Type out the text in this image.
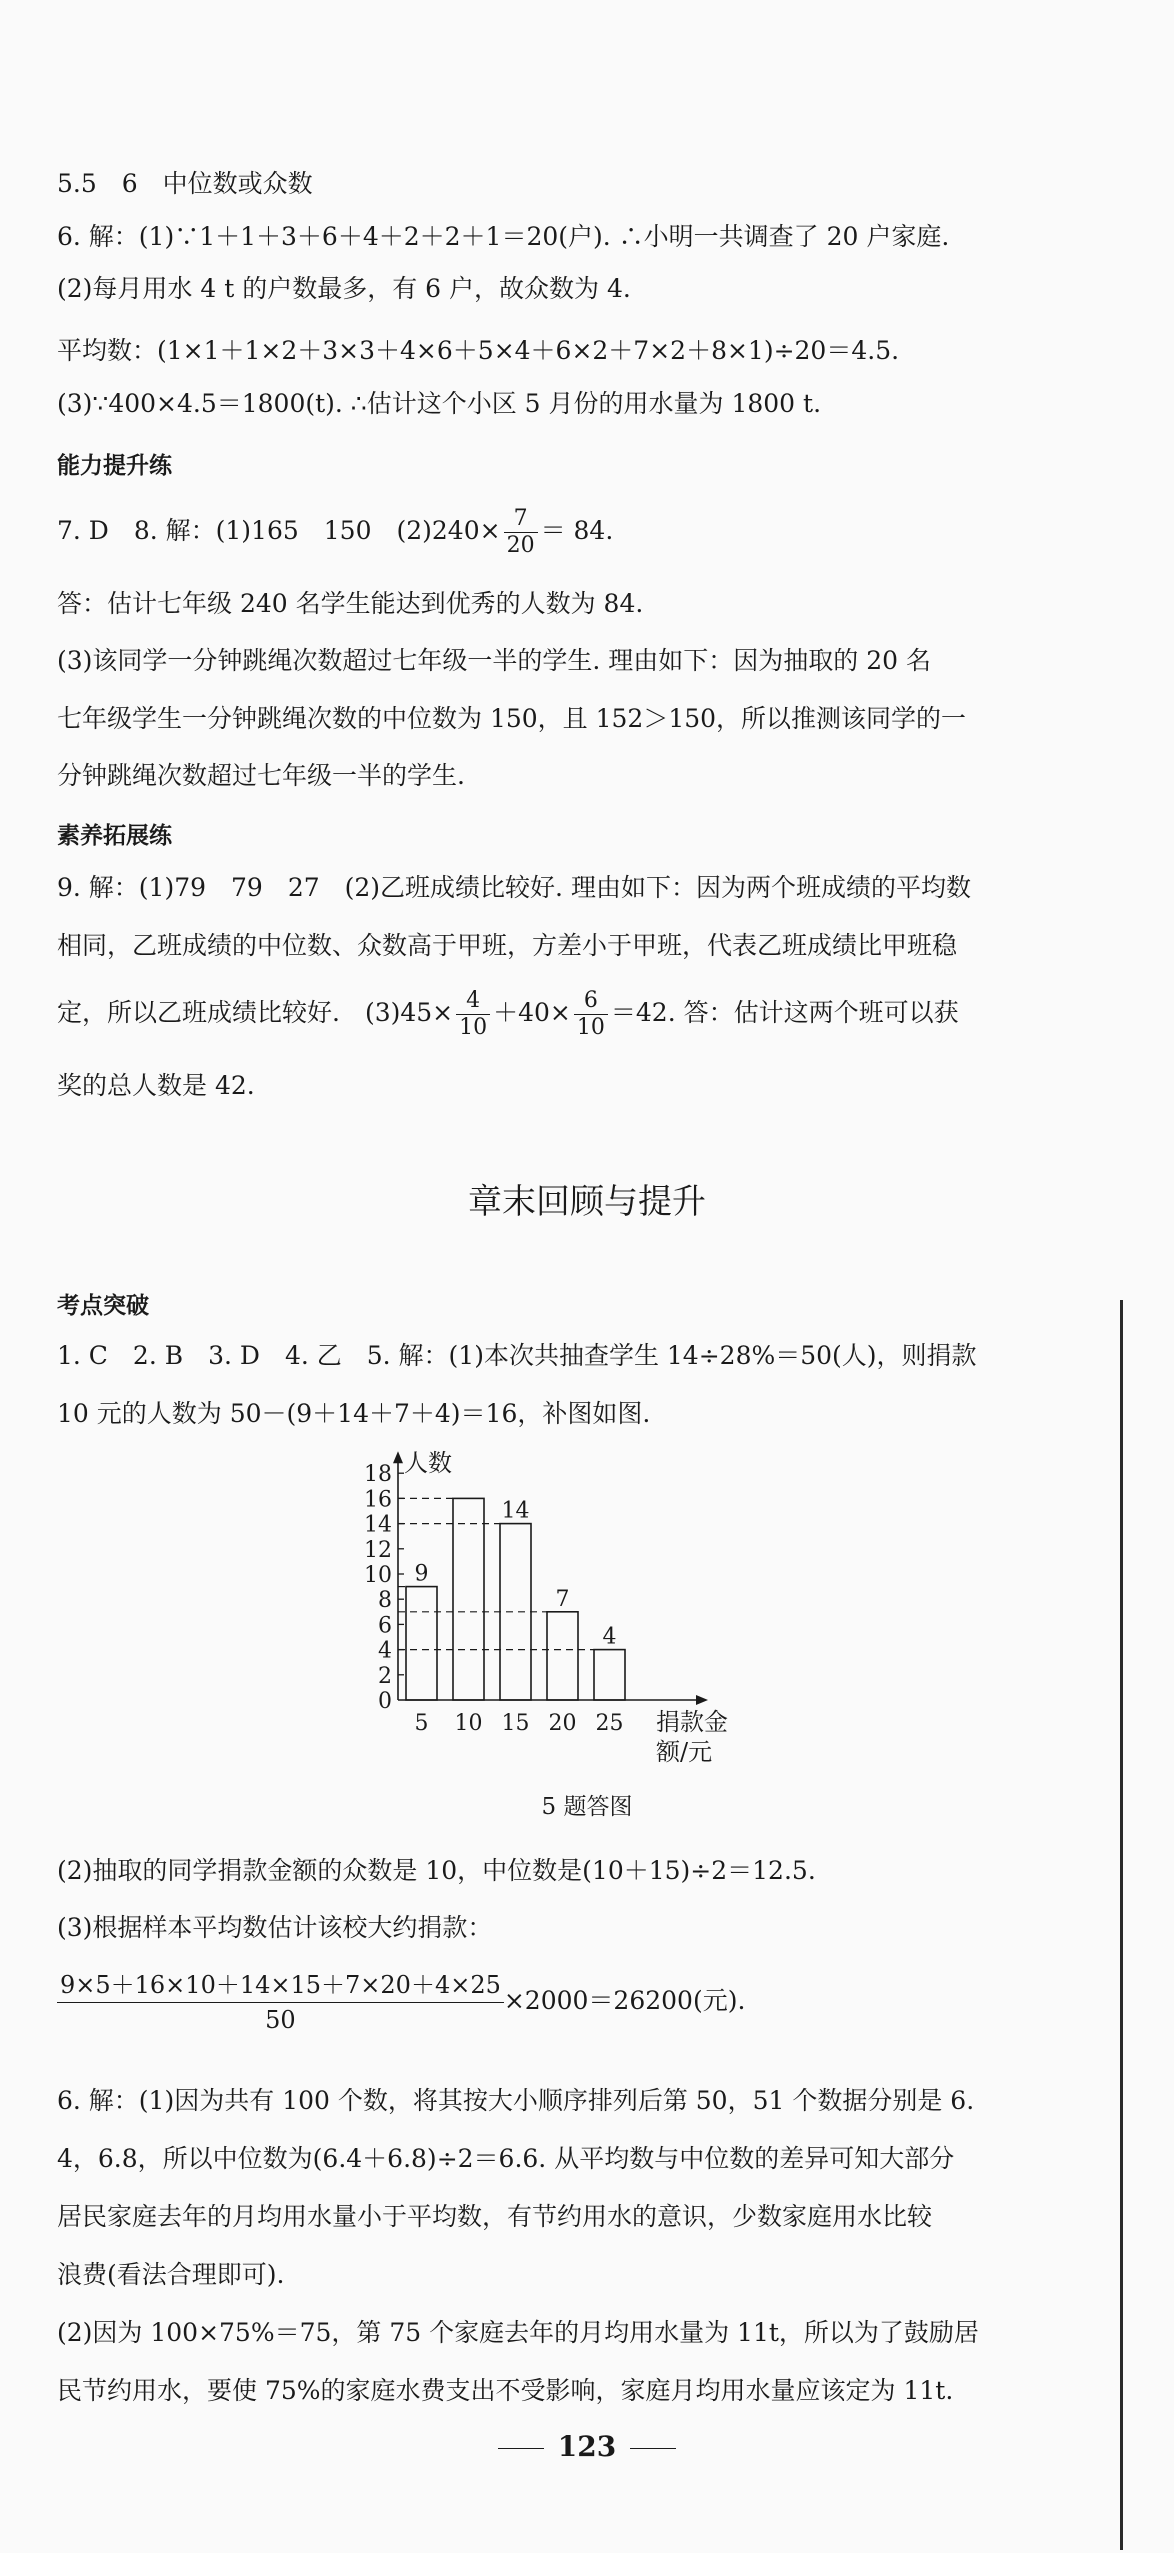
5.5　6　中位数或众数
6. 解：(1)∵1＋1＋3＋6＋4＋2＋2＋1＝20(户). ∴小明一共调查了 20 户家庭.
(2)每月用水 4 t 的户数最多，有 6 户，故众数为 4.
平均数：(1×1＋1×2＋3×3＋4×6＋5×4＋6×2＋7×2＋8×1)÷20＝4.5.
(3)∵400×4.5＝1800(t). ∴估计这个小区 5 月份的用水量为 1800 t.
能力提升练
7. D　8. 解：(1)165　150　$(2)240\times \frac{7}{20} = 84$.
答：估计七年级 240 名学生能达到优秀的人数为 84.
(3)该同学一分钟跳绳次数超过七年级一半的学生. 理由如下：因为抽取的 20 名
七年级学生一分钟跳绳次数的中位数为 150，且 152＞150，所以推测该同学的一
分钟跳绳次数超过七年级一半的学生.
素养拓展练
9. 解：(1)79　79　27　(2)乙班成绩比较好. 理由如下：因为两个班成绩的平均数
相同，乙班成绩的中位数、众数高于甲班，方差小于甲班，代表乙班成绩比甲班稳
定，所以乙班成绩比较好.　$(3)45\times \frac{4}{10} +40\times \frac{6}{10} =42$. 答：估计这两个班可以获
奖的总人数是 42.
章末回顾与提升
考点突破
1. C　2. B　3. D　4. 乙　5. 解：(1)本次共抽查学生 14÷28%＝50(人)，则捐款
10 元的人数为 50－(9＋14＋7＋4)＝16，补图如图.
0
2
4
6
8
10
12
14
16
18 人数
捐款金
额/元
5
9
10 15
14
20
7
25
4
5 题答图
(2)抽取的同学捐款金额的众数是 10，中位数是(10＋15)÷2＝12.5.
(3)根据样本平均数估计该校大约捐款：
$\frac{9\times 5+16\times 10+14\times 15+7\times 20+4\times 25}{50} \times 2000=26200$(元).
6. 解：(1)因为共有 100 个数，将其按大小顺序排列后第 50，51 个数据分别是 6.
4，6.8，所以中位数为(6.4＋6.8)÷2＝6.6. 从平均数与中位数的差异可知大部分
居民家庭去年的月均用水量小于平均数，有节约用水的意识，少数家庭用水比较
浪费(看法合理即可).
(2)因为 100×75%＝75，第 75 个家庭去年的月均用水量为 11t，所以为了鼓励居
民节约用水，要使 75%的家庭水费支出不受影响，家庭月均用水量应该定为 11t.
123
